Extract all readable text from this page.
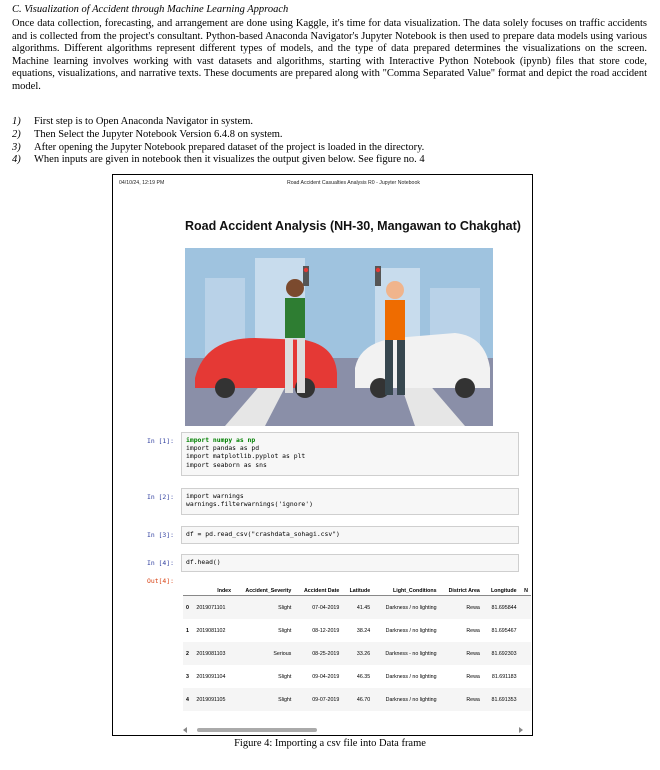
C. Visualization of Accident through Machine Learning Approach
Once data collection, forecasting, and arrangement are done using Kaggle, it's time for data visualization. The data solely focuses on traffic accidents and is collected from the project's consultant. Python-based Anaconda Navigator's Jupyter Notebook is then used to prepare data models using various algorithms. Different algorithms represent different types of models, and the type of data prepared determines the visualizations on the screen. Machine learning involves working with vast datasets and algorithms, starting with Interactive Python Notebook (ipynb) files that store code, equations, visualizations, and narrative texts. These documents are prepared along with "Comma Separated Value" format and depict the road accident model.
1)	First step is to Open Anaconda Navigator in system.
2)	Then Select the Jupyter Notebook Version 6.4.8 on system.
3)	After opening the Jupyter Notebook prepared dataset of the project is loaded in the directory.
4)	When inputs are given in notebook then it visualizes the output given below. See figure no. 4
04/10/24, 12:19 PM	Road Accident Casualties Analysis R0 - Jupyter Notebook
Road Accident Analysis (NH-30, Mangawan to Chakghat)
In [1]:	import numpy as np
import pandas as pd
import matplotlib.pyplot as plt
import seaborn as sns
In [2]:	import warnings
warnings.filterwarnings('ignore')
In [3]:	df = pd.read_csv("crashdata_sohagi.csv")
In [4]:	df.head()
Out[4]:
	Index	Accident_Severity	Accident Date	Latitude	Light_Conditions	District Area	Longitude	N
0	2019071101	Slight	07-04-2019	41.45	Darkness / no lighting	Rewa	81.695844	
1	2019081102	Slight	08-12-2019	38.24	Darkness / no lighting	Rewa	81.695467	
2	2019081103	Serious	08-25-2019	33.26	Darkness - no lighting	Rewa	81.692303	
3	2019091104	Slight	09-04-2019	46.35	Darkness / no lighting	Rewa	81.691183	
4	2019091105	Slight	09-07-2019	46.70	Darkness / no lighting	Rewa	81.691353	
Figure 4: Importing a csv file into Data frame
